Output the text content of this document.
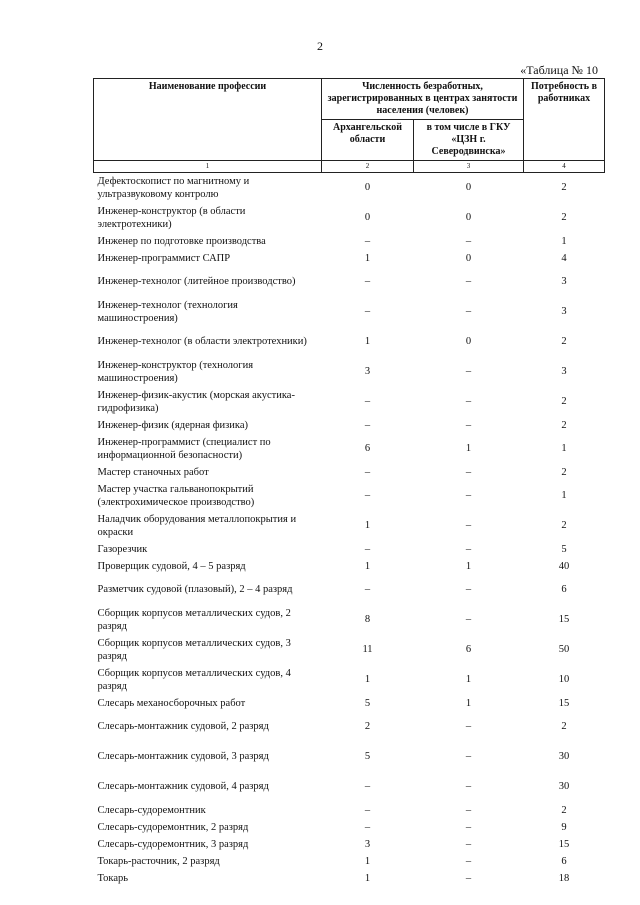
2
«Таблица № 10
Наименование профессии	Численность безработных, зарегистрированных в центрах занятости населения (человек)		Потребность в работниках
	Архангельской области	в том числе в ГКУ «ЦЗН г. Северодвинска»	
1	2	3	4
Дефектоскопист по магнитному и ультразвуковому контролю	0	0	2
Инженер-конструктор (в области электротехники)	0	0	2
Инженер по подготовке производства	–	–	1
Инженер-программист САПР	1	0	4
Инженер-технолог (литейное производство)	–	–	3
Инженер-технолог (технология машиностроения)	–	–	3
Инженер-технолог (в области электротехники)	1	0	2
Инженер-конструктор (технология машиностроения)	3	–	3
Инженер-физик-акустик (морская акустика-гидрофизика)	–	–	2
Инженер-физик (ядерная физика)	–	–	2
Инженер-программист (специалист по информационной безопасности)	6	1	1
Мастер станочных работ	–	–	2
Мастер участка гальванопокрытий (электрохимическое производство)	–	–	1
Наладчик оборудования металлопокрытия и окраски	1	–	2
Газорезчик	–	–	5
Проверщик судовой, 4 – 5 разряд	1	1	40
Разметчик судовой (плазовый), 2 – 4 разряд	–	–	6
Сборщик корпусов металлических судов, 2 разряд	8	–	15
Сборщик корпусов металлических судов, 3 разряд	11	6	50
Сборщик корпусов металлических судов, 4 разряд	1	1	10
Слесарь механосборочных работ	5	1	15
Слесарь-монтажник судовой, 2 разряд	2	–	2
Слесарь-монтажник судовой, 3 разряд	5	–	30
Слесарь-монтажник судовой, 4 разряд	–	–	30
Слесарь-судоремонтник	–	–	2
Слесарь-судоремонтник, 2 разряд	–	–	9
Слесарь-судоремонтник, 3 разряд	3	–	15
Токарь-расточник, 2 разряд	1	–	6
Токарь	1	–	18
